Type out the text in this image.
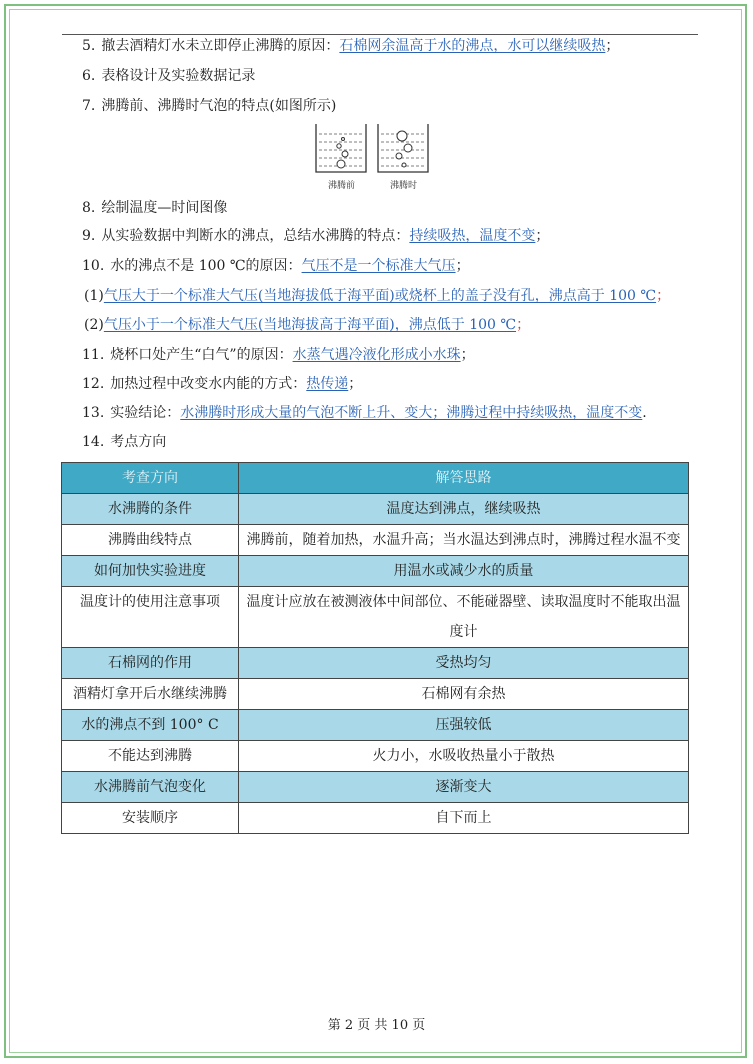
5. 撤去酒精灯水未立即停止沸腾的原因：石棉网余温高于水的沸点，水可以继续吸热；
6. 表格设计及实验数据记录
7. 沸腾前、沸腾时气泡的特点(如图所示)
沸腾前	沸腾时
8. 绘制温度—时间图像
9. 从实验数据中判断水的沸点，总结水沸腾的特点：持续吸热，温度不变；
10. 水的沸点不是 100 ℃的原因：气压不是一个标准大气压；
(1)气压大于一个标准大气压(当地海拔低于海平面)或烧杯上的盖子没有孔，沸点高于 100 ℃；
(2)气压小于一个标准大气压(当地海拔高于海平面)，沸点低于 100 ℃；
11. 烧杯口处产生“白气”的原因：水蒸气遇冷液化形成小水珠；
12. 加热过程中改变水内能的方式：热传递；
13. 实验结论：水沸腾时形成大量的气泡不断上升、变大；沸腾过程中持续吸热，温度不变.
14. 考点方向
考查方向	解答思路
水沸腾的条件	温度达到沸点，继续吸热
沸腾曲线特点	沸腾前，随着加热，水温升高；当水温达到沸点时，沸腾过程水温不变
如何加快实验进度	用温水或减少水的质量
温度计的使用注意事项	温度计应放在被测液体中间部位、不能碰器壁、读取温度时不能取出温度计
石棉网的作用	受热均匀
酒精灯拿开后水继续沸腾	石棉网有余热
水的沸点不到 100° C	压强较低
不能达到沸腾	火力小，水吸收热量小于散热
水沸腾前气泡变化	逐渐变大
安装顺序	自下而上
第 2 页 共 10 页
